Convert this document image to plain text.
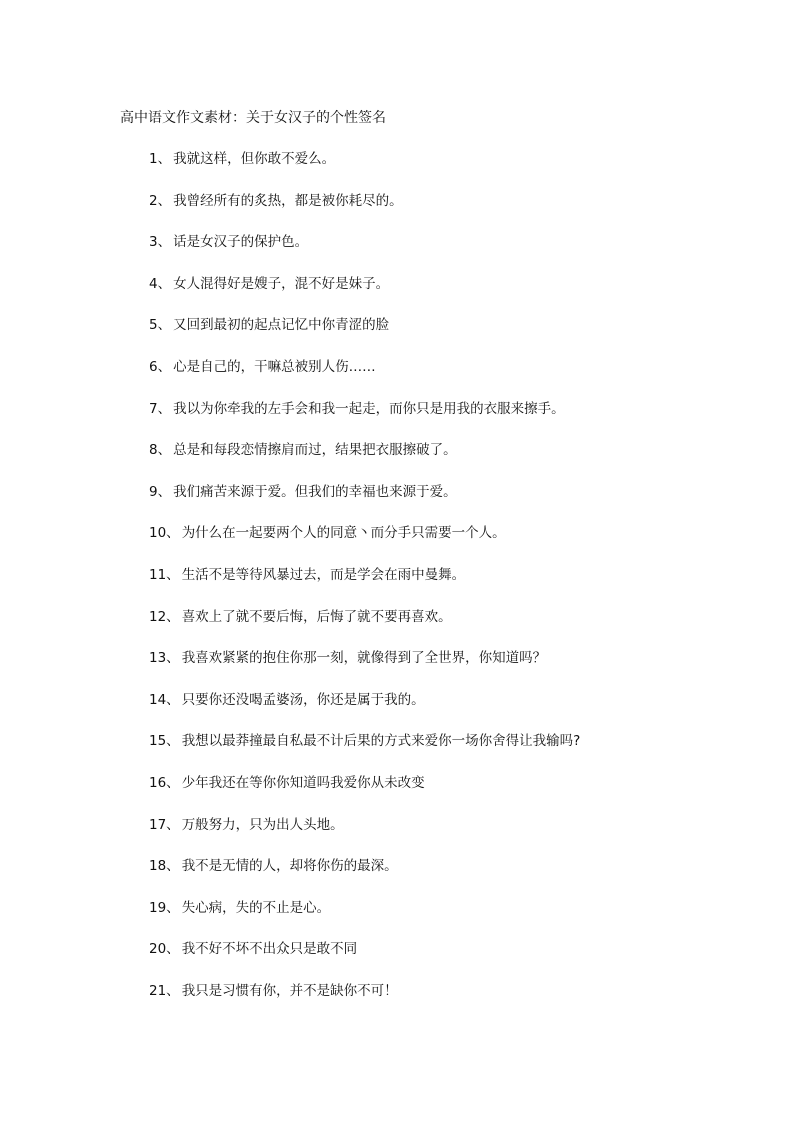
高中语文作文素材：关于女汉子的个性签名
1、 我就这样，但你敢不爱么。
2、 我曾经所有的炙热，都是被你耗尽的。
3、 话是女汉子的保护色。
4、 女人混得好是嫂子，混不好是妹子。
5、 又回到最初的起点记忆中你青涩的脸
6、 心是自己的，干嘛总被别人伤……
7、 我以为你牵我的左手会和我一起走，而你只是用我的衣服来擦手。
8、 总是和每段恋情擦肩而过，结果把衣服擦破了。
9、 我们痛苦来源于爱。但我们的幸福也来源于爱。
10、 为什么在一起要两个人的同意丶而分手只需要一个人。
11、 生活不是等待风暴过去，而是学会在雨中曼舞。
12、 喜欢上了就不要后悔，后悔了就不要再喜欢。
13、 我喜欢紧紧的抱住你那一刻，就像得到了全世界，你知道吗？
14、 只要你还没喝孟婆汤，你还是属于我的。
15、 我想以最莽撞最自私最不计后果的方式来爱你一场你舍得让我输吗?
16、 少年我还在等你你知道吗我爱你从未改变
17、 万般努力，只为出人头地。
18、 我不是无情的人，却将你伤的最深。
19、 失心病，失的不止是心。
20、 我不好不坏不出众只是敢不同
21、 我只是习惯有你，并不是缺你不可！
